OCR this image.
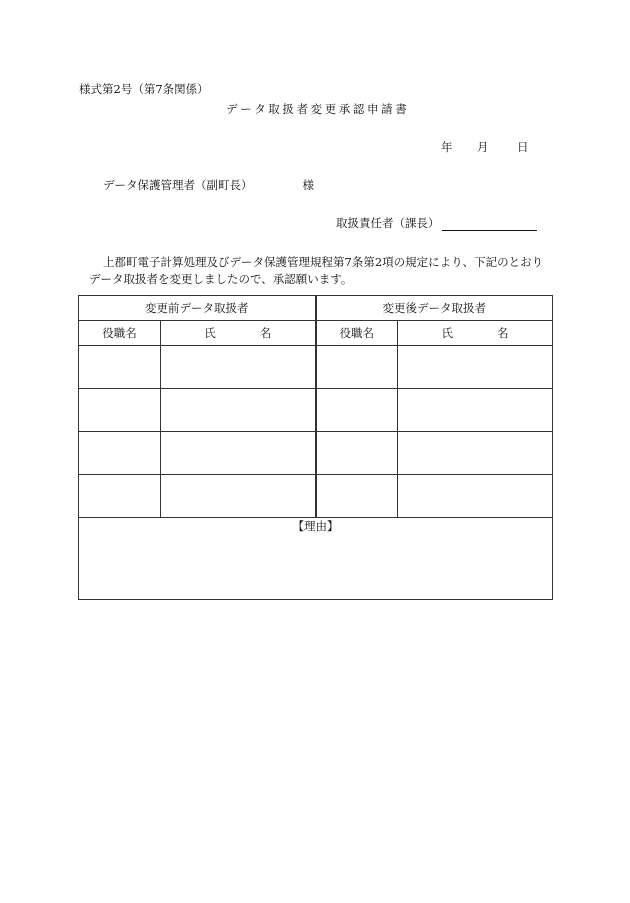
様式第2号（第7条関係）
データ取扱者変更承認申請書
年 月 日
データ保護管理者（副町長）	様
取扱責任者（課長）
上郡町電子計算処理及びデータ保護管理規程第7条第2項の規定により、下記のとおり
データ取扱者を変更しましたので、承認願います。
変更前データ取扱者		変更後データ取扱者	
役職名	氏 名	役職名	氏 名

【理由】			
